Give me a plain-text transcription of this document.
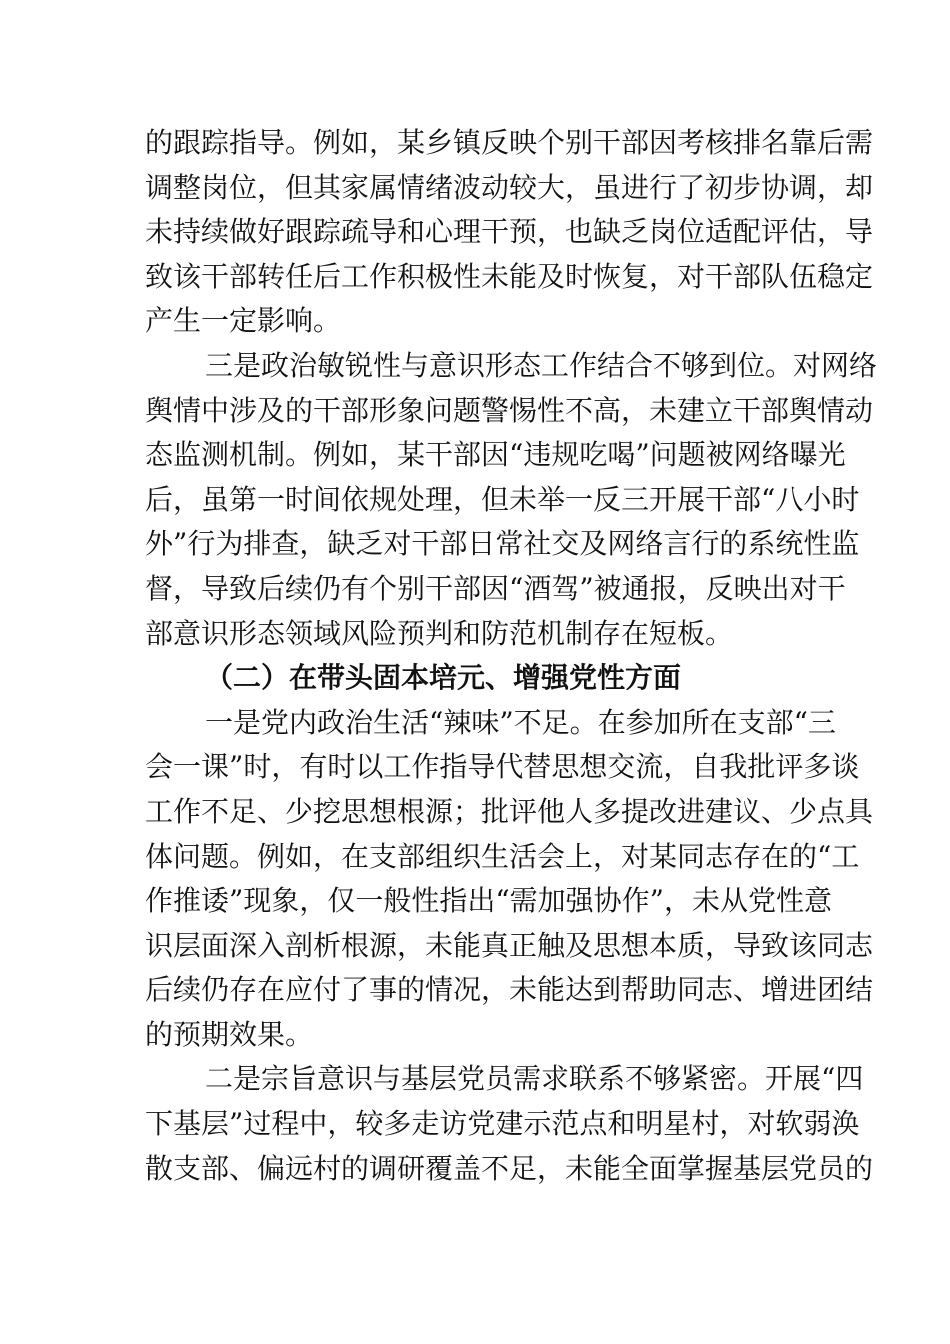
的跟踪指导。例如，某乡镇反映个别干部因考核排名靠后需
调整岗位，但其家属情绪波动较大，虽进行了初步协调，却
未持续做好跟踪疏导和心理干预，也缺乏岗位适配评估，导
致该干部转任后工作积极性未能及时恢复，对干部队伍稳定
产生一定影响。
三是政治敏锐性与意识形态工作结合不够到位。对网络
舆情中涉及的干部形象问题警惕性不高，未建立干部舆情动
态监测机制。例如，某干部因“违规吃喝”问题被网络曝光
后，虽第一时间依规处理，但未举一反三开展干部“八小时
外”行为排查，缺乏对干部日常社交及网络言行的系统性监
督，导致后续仍有个别干部因“酒驾”被通报，反映出对干
部意识形态领域风险预判和防范机制存在短板。
（二）在带头固本培元、增强党性方面
一是党内政治生活“辣味”不足。在参加所在支部“三
会一课”时，有时以工作指导代替思想交流，自我批评多谈
工作不足、少挖思想根源；批评他人多提改进建议、少点具
体问题。例如，在支部组织生活会上，对某同志存在的“工
作推诿”现象，仅一般性指出“需加强协作”，未从党性意
识层面深入剖析根源，未能真正触及思想本质，导致该同志
后续仍存在应付了事的情况，未能达到帮助同志、增进团结
的预期效果。
二是宗旨意识与基层党员需求联系不够紧密。开展“四
下基层”过程中，较多走访党建示范点和明星村，对软弱涣
散支部、偏远村的调研覆盖不足，未能全面掌握基层党员的
